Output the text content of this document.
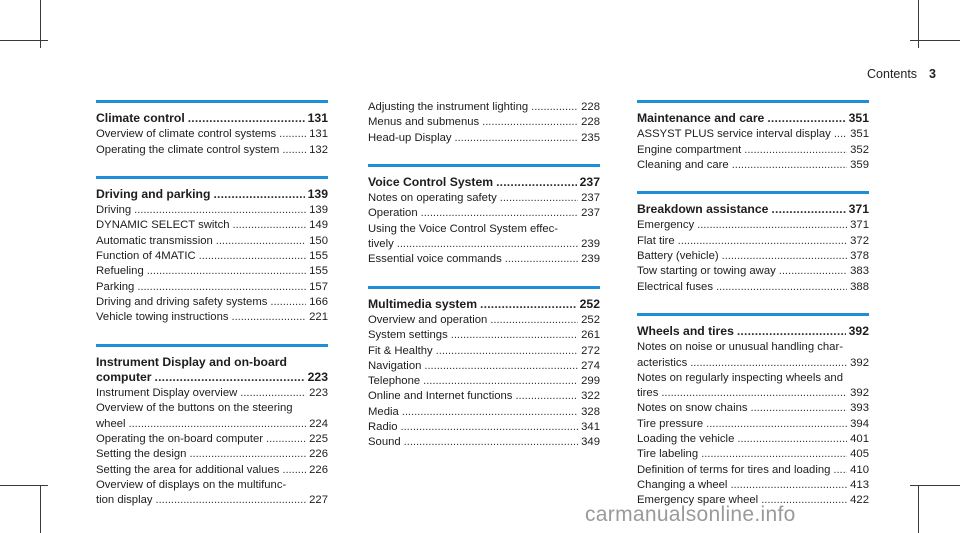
Contents 3
Climate control . . .	131
Overview of climate control systems . . .	131
Operating the climate control system . . .	132
Driving and parking . . .	139
Driving . . .	139
DYNAMIC SELECT switch . . .	149
Automatic transmission . . .	150
Function of 4MATIC . . .	155
Refueling . . .	155
Parking . . .	157
Driving and driving safety systems . . .	166
Vehicle towing instructions . . .	221
Instrument Display and on-board
computer . . .	223
Instrument Display overview . . .	223
Overview of the buttons on the steering
wheel . . .	224
Operating the on-board computer . . .	225
Setting the design . . .	226
Setting the area for additional values . . .	226
Overview of displays on the multifunc-
tion display . . .	227
Adjusting the instrument lighting . . .	228
Menus and submenus . . .	228
Head-up Display . . .	235
Voice Control System . . .	237
Notes on operating safety . . .	237
Operation . . .	237
Using the Voice Control System effec-
tively . . .	239
Essential voice commands . . .	239
Multimedia system . . .	252
Overview and operation . . .	252
System settings . . .	261
Fit & Healthy . . .	272
Navigation . . .	274
Telephone . . .	299
Online and Internet functions . . .	322
Media . . .	328
Radio . . .	341
Sound . . .	349
Maintenance and care . . .	351
ASSYST PLUS service interval display . . . 351
Engine compartment . . .	352
Cleaning and care . . .	359
Breakdown assistance . . .	371
Emergency . . .	371
Flat tire . . .	372
Battery (vehicle) . . .	378
Tow starting or towing away . . .	383
Electrical fuses . . .	388
Wheels and tires . . .	392
Notes on noise or unusual handling char-
acteristics . . .	392
Notes on regularly inspecting wheels and
tires . . .	392
Notes on snow chains . . .	393
Tire pressure . . .	394
Loading the vehicle . . .	401
Tire labeling . . .	405
Definition of terms for tires and loading . . . 410
Changing a wheel . . .	413
Emergency spare wheel . . .	422
carmanualsonline.info
